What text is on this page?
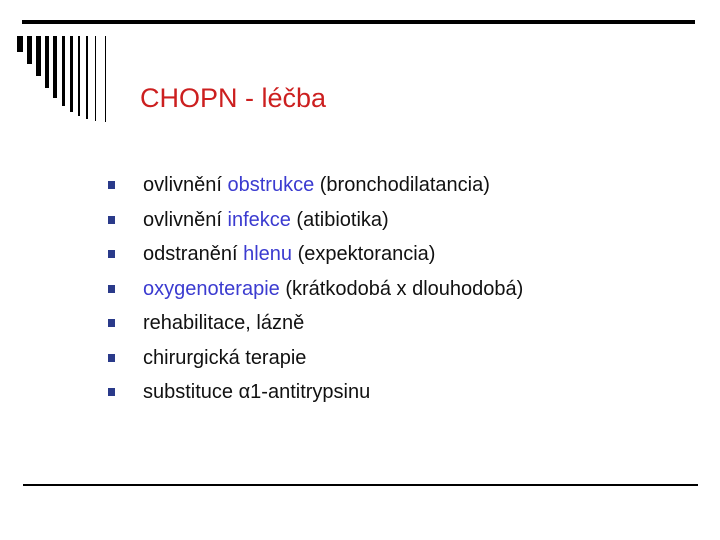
CHOPN - léčba
ovlivnění obstrukce (bronchodilatancia)
ovlivnění infekce (atibiotika)
odstranění hlenu (expektorancia)
oxygenoterapie (krátkodobá x dlouhodobá)
rehabilitace, lázně
chirurgická terapie
substituce α1-antitrypsinu
